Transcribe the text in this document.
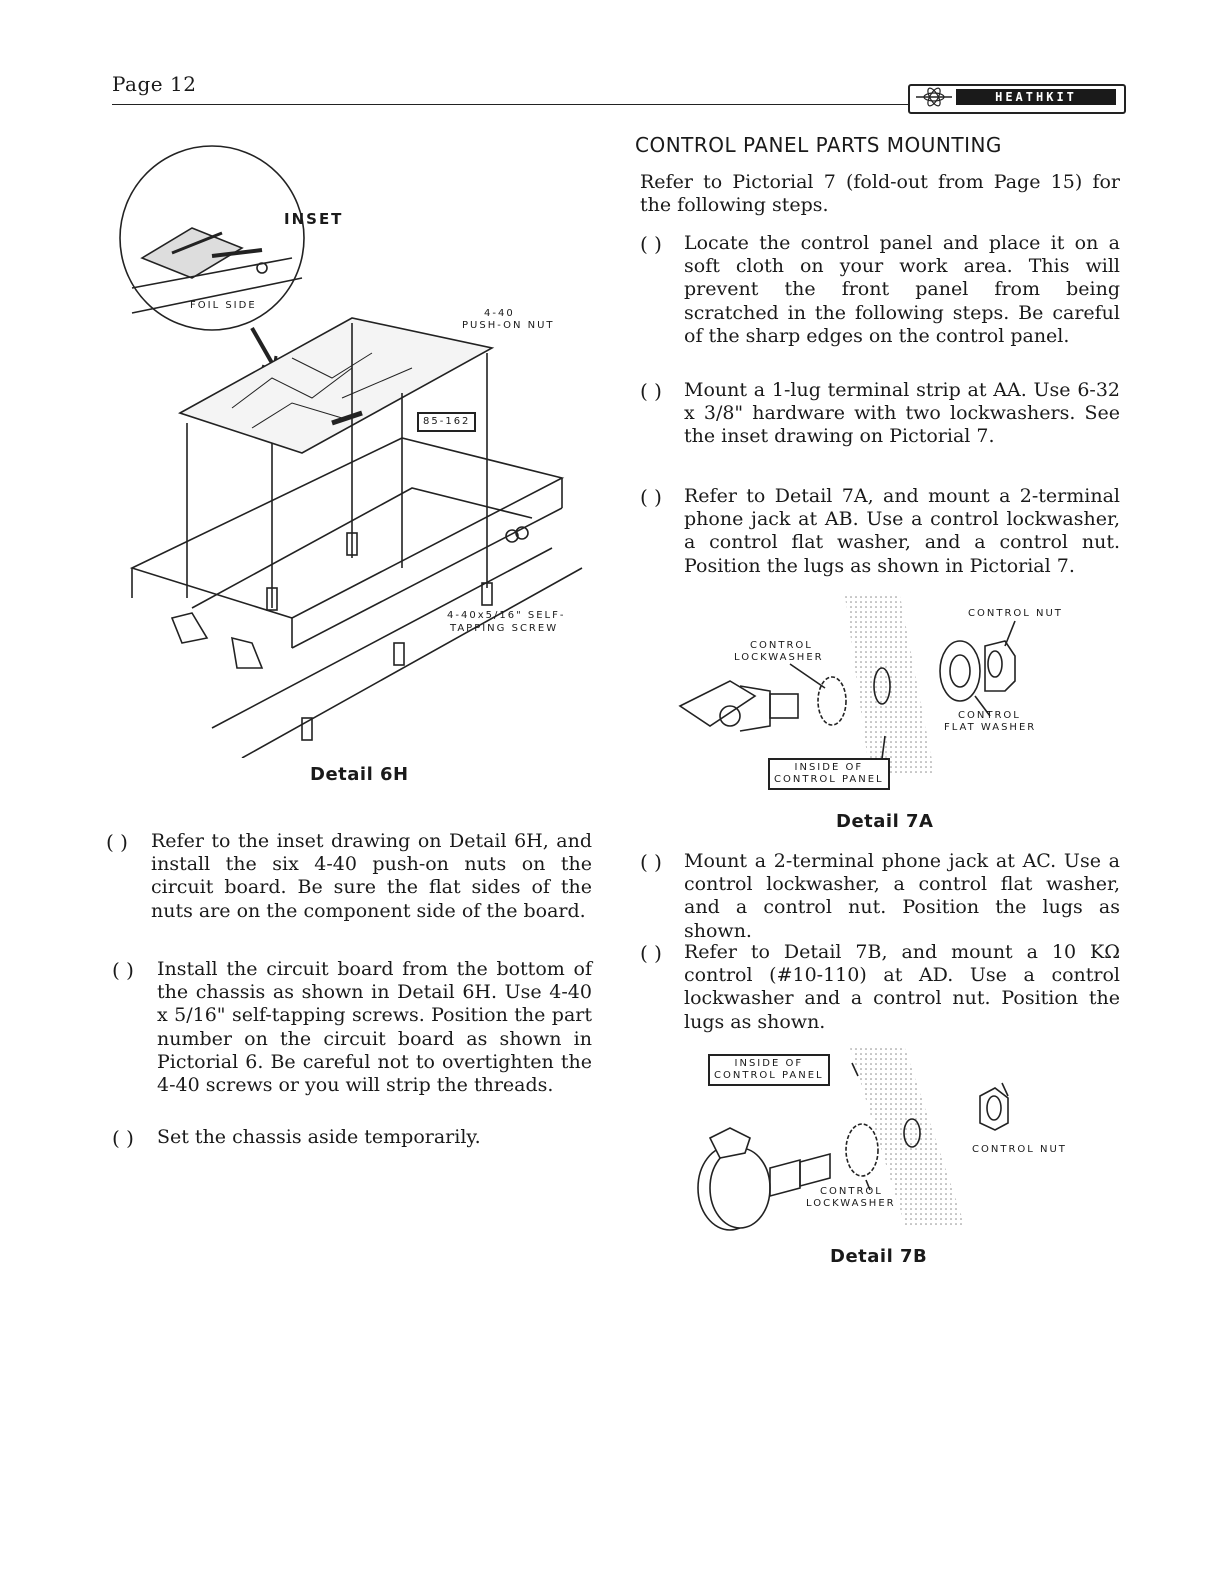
Page 12
HEATHKIT
INSET
FOIL SIDE
4-40
PUSH-ON NUT
85-162
4-40x5/16" SELF-
TAPPING SCREW
Detail 6H
( ) Refer to the inset drawing on Detail 6H, and install the six 4-40 push-on nuts on the circuit board. Be sure the flat sides of the nuts are on the component side of the board.
( ) Install the circuit board from the bottom of the chassis as shown in Detail 6H. Use 4-40 x 5/16" self-tapping screws. Position the part number on the circuit board as shown in Pictorial 6. Be careful not to overtighten the 4-40 screws or you will strip the threads.
( ) Set the chassis aside temporarily.
CONTROL PANEL PARTS MOUNTING
Refer to Pictorial 7 (fold-out from Page 15) for the following steps.
( ) Locate the control panel and place it on a soft cloth on your work area. This will prevent the front panel from being scratched in the following steps. Be careful of the sharp edges on the control panel.
( ) Mount a 1-lug terminal strip at AA. Use 6-32 x 3/8" hardware with two lockwashers. See the inset drawing on Pictorial 7.
( ) Refer to Detail 7A, and mount a 2-terminal phone jack at AB. Use a control lockwasher, a control flat washer, and a control nut. Position the lugs as shown in Pictorial 7.
CONTROL NUT
CONTROL
LOCKWASHER
CONTROL
FLAT WASHER
INSIDE OF
CONTROL PANEL
Detail 7A
( ) Mount a 2-terminal phone jack at AC. Use a control lockwasher, a control flat washer, and a control nut. Position the lugs as shown.
( ) Refer to Detail 7B, and mount a 10 KΩ control (#10-110) at AD. Use a control lockwasher and a control nut. Position the lugs as shown.
INSIDE OF
CONTROL PANEL
CONTROL NUT
CONTROL
LOCKWASHER
Detail 7B
